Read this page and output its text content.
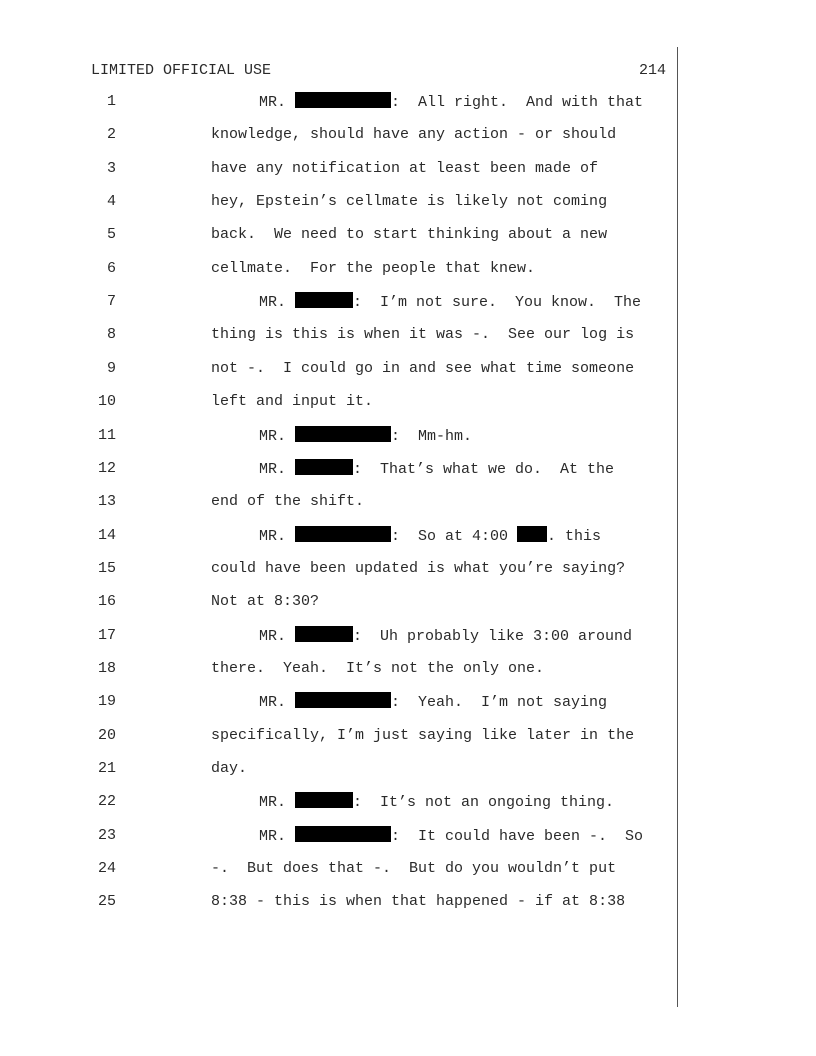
LIMITED OFFICIAL USE	214
1	MR.	:  All right.  And with that
2	knowledge, should have any action - or should
3	have any notification at least been made of
4	hey, Epstein’s cellmate is likely not coming
5	back.  We need to start thinking about a new
6	cellmate.  For the people that knew.
7	MR.	:  I’m not sure.  You know.  The
8	thing is this is when it was -.  See our log is
9	not -.  I could go in and see what time someone
10	left and input it.
11	MR.	:  Mm-hm.
12	MR.	:  That’s what we do.  At the
13	end of the shift.
14	MR.	:  So at 4:00 . this
15	could have been updated is what you’re saying?
16	Not at 8:30?
17	MR.	:  Uh probably like 3:00 around
18	there.  Yeah.  It’s not the only one.
19	MR.	:  Yeah.  I’m not saying
20	specifically, I’m just saying like later in the
21	day.
22	MR.	:  It’s not an ongoing thing.
23	MR.	:  It could have been -.  So
24	-.  But does that -.  But do you wouldn’t put
25	8:38 - this is when that happened - if at 8:38
